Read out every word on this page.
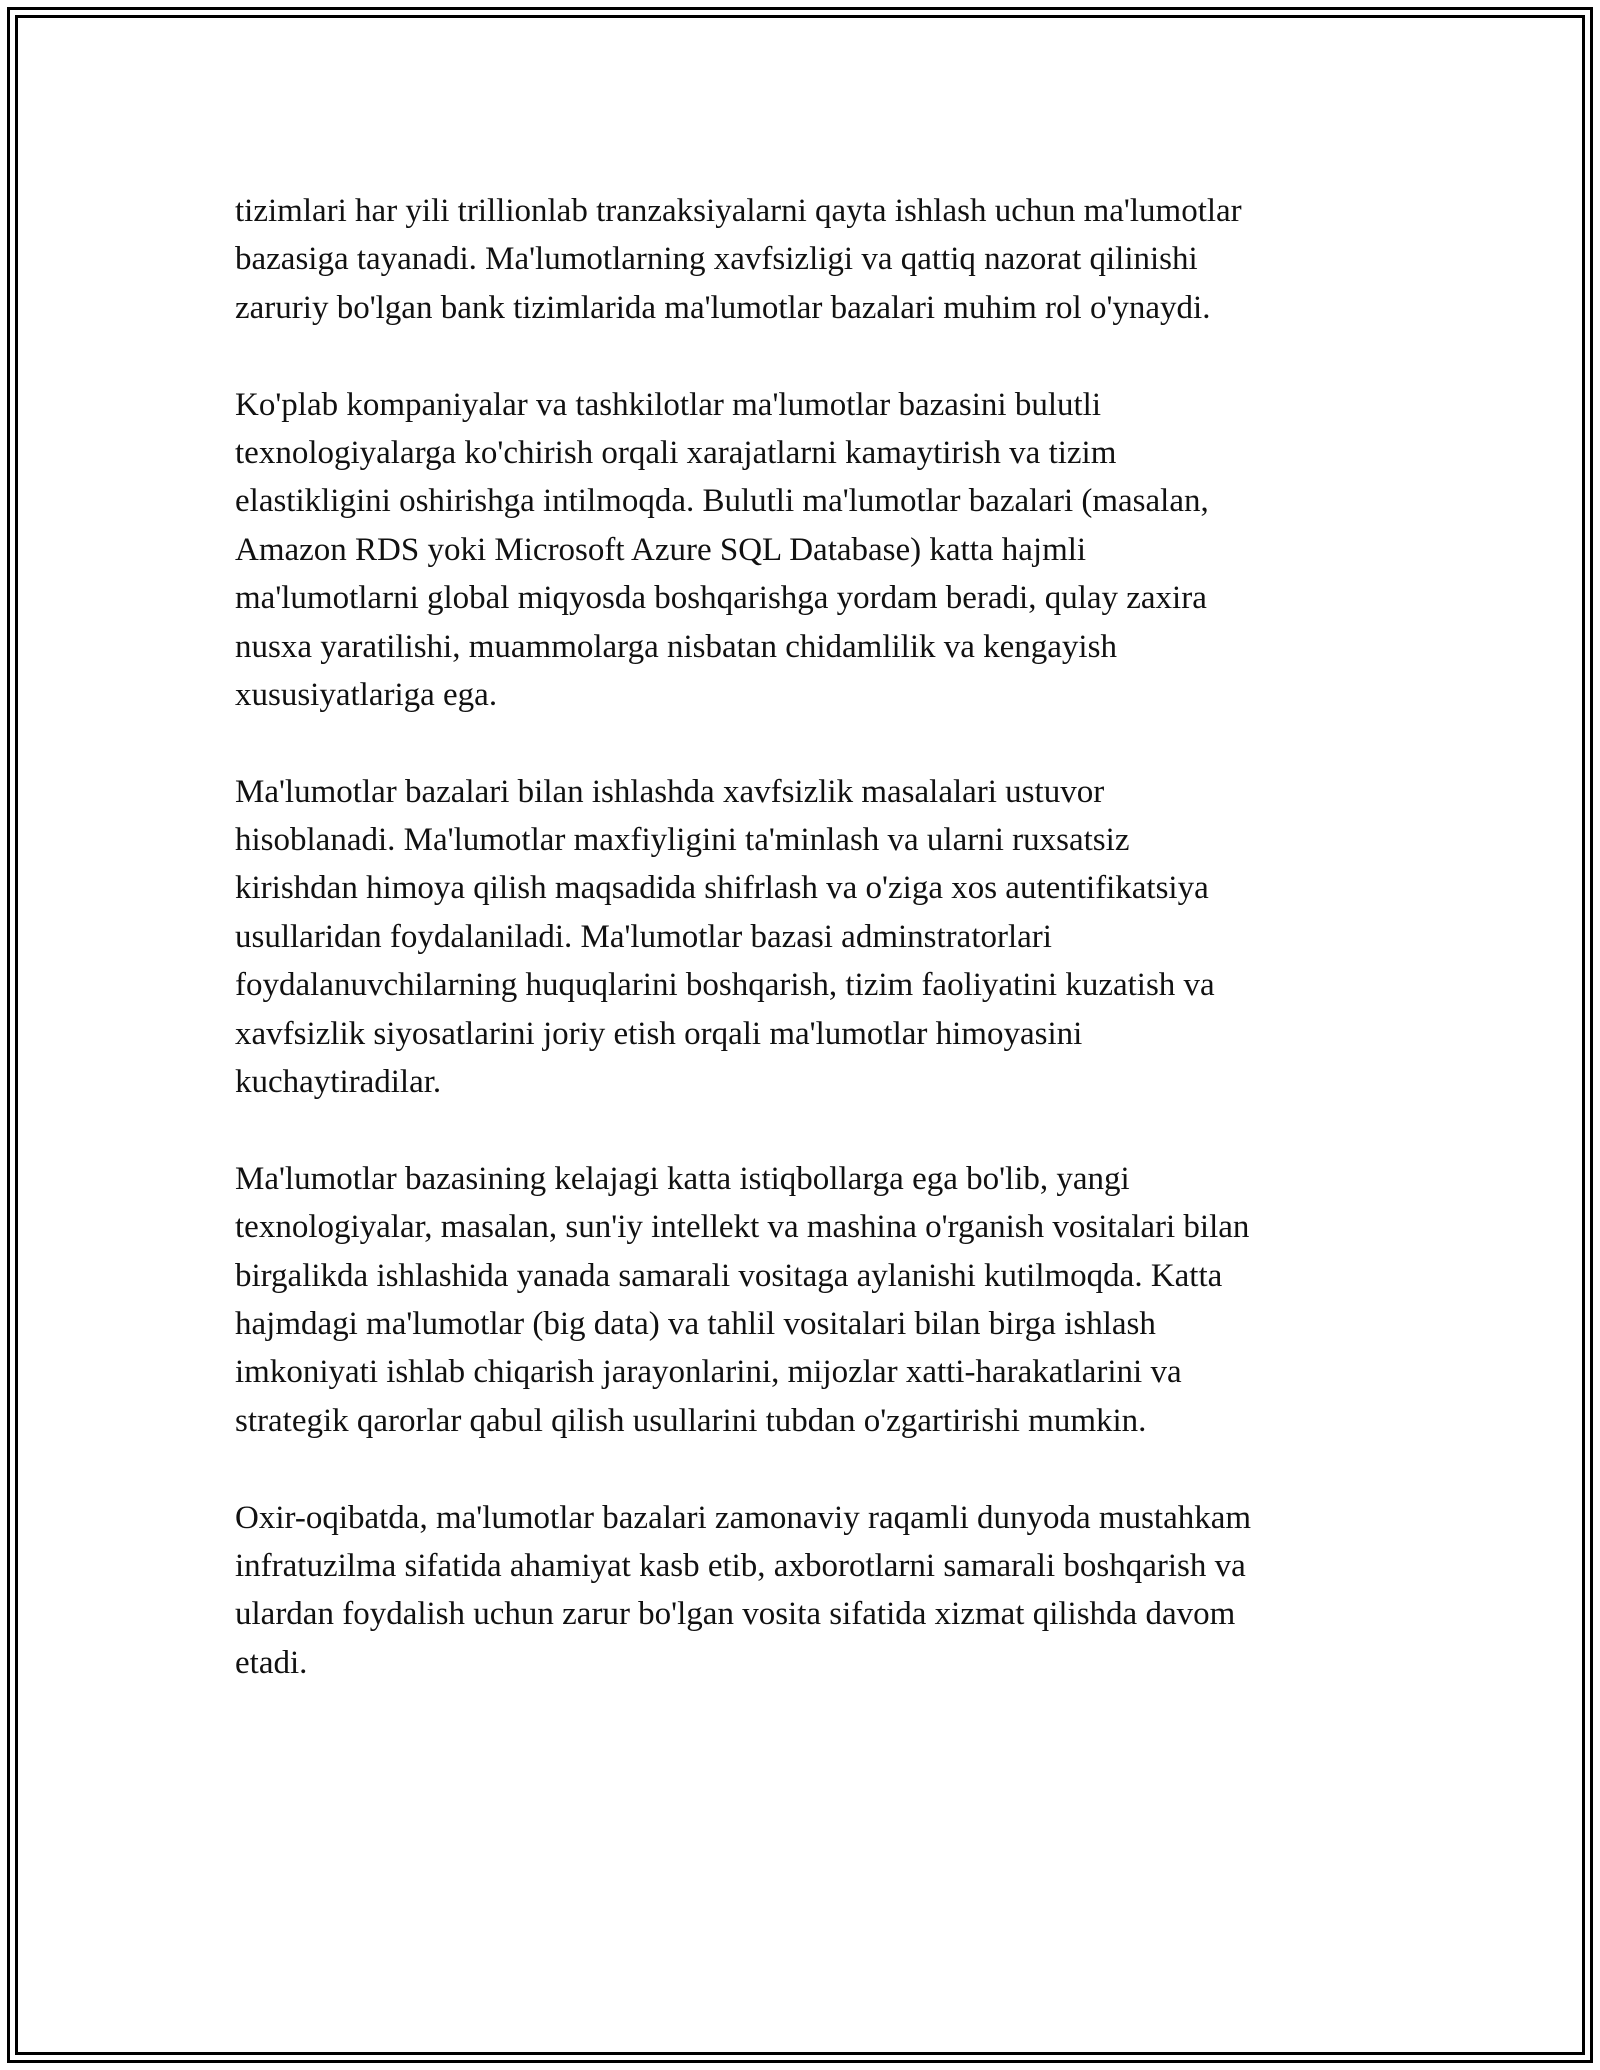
tizimlari har yili trillionlab tranzaksiyalarni qayta ishlash uchun ma'lumotlar
bazasiga tayanadi. Ma'lumotlarning xavfsizligi va qattiq nazorat qilinishi
zaruriy bo'lgan bank tizimlarida ma'lumotlar bazalari muhim rol o'ynaydi.

Ko'plab kompaniyalar va tashkilotlar ma'lumotlar bazasini bulutli
texnologiyalarga ko'chirish orqali xarajatlarni kamaytirish va tizim
elastikligini oshirishga intilmoqda. Bulutli ma'lumotlar bazalari (masalan,
Amazon RDS yoki Microsoft Azure SQL Database) katta hajmli
ma'lumotlarni global miqyosda boshqarishga yordam beradi, qulay zaxira
nusxa yaratilishi, muammolarga nisbatan chidamlilik va kengayish
xususiyatlariga ega.

Ma'lumotlar bazalari bilan ishlashda xavfsizlik masalalari ustuvor
hisoblanadi. Ma'lumotlar maxfiyligini ta'minlash va ularni ruxsatsiz
kirishdan himoya qilish maqsadida shifrlash va o'ziga xos autentifikatsiya
usullaridan foydalaniladi. Ma'lumotlar bazasi adminstratorlari
foydalanuvchilarning huquqlarini boshqarish, tizim faoliyatini kuzatish va
xavfsizlik siyosatlarini joriy etish orqali ma'lumotlar himoyasini
kuchaytiradilar.

Ma'lumotlar bazasining kelajagi katta istiqbollarga ega bo'lib, yangi
texnologiyalar, masalan, sun'iy intellekt va mashina o'rganish vositalari bilan
birgalikda ishlashida yanada samarali vositaga aylanishi kutilmoqda. Katta
hajmdagi ma'lumotlar (big data) va tahlil vositalari bilan birga ishlash
imkoniyati ishlab chiqarish jarayonlarini, mijozlar xatti-harakatlarini va
strategik qarorlar qabul qilish usullarini tubdan o'zgartirishi mumkin.

Oxir-oqibatda, ma'lumotlar bazalari zamonaviy raqamli dunyoda mustahkam
infratuzilma sifatida ahamiyat kasb etib, axborotlarni samarali boshqarish va
ulardan foydalish uchun zarur bo'lgan vosita sifatida xizmat qilishda davom
etadi.
